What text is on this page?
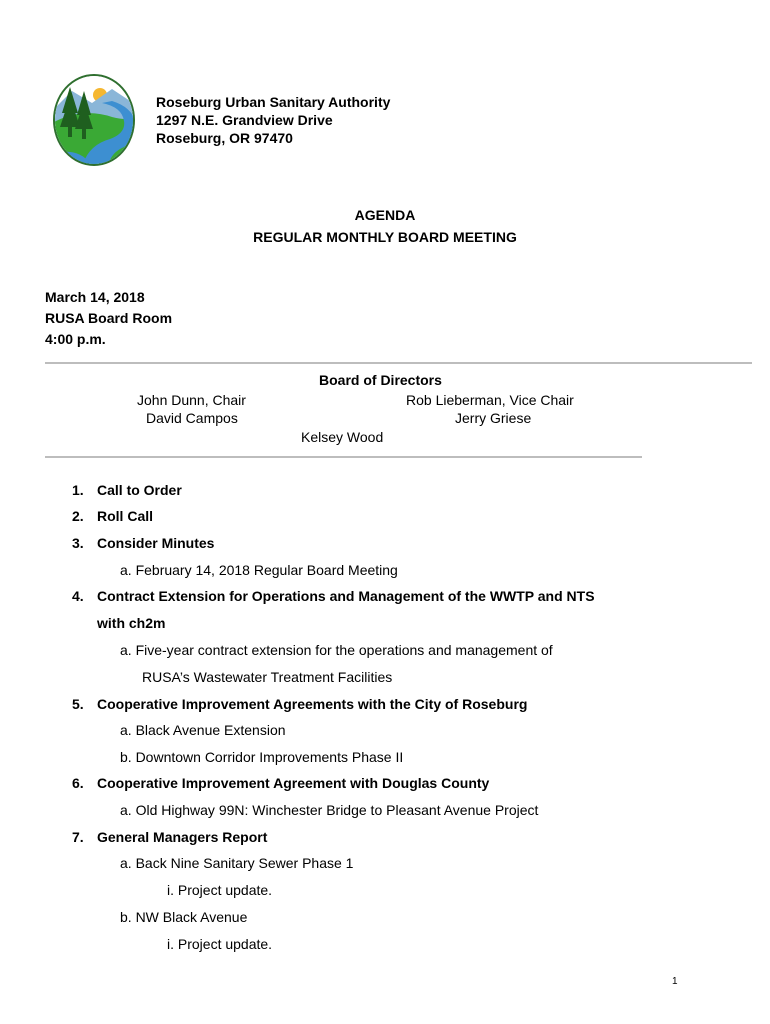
Roseburg Urban Sanitary Authority
1297 N.E. Grandview Drive
Roseburg, OR 97470
AGENDA
REGULAR MONTHLY BOARD MEETING
March 14, 2018
RUSA Board Room
4:00 p.m.
Board of Directors
John Dunn, Chair	Rob Lieberman, Vice Chair
David Campos	Jerry Griese
Kelsey Wood
1. Call to Order
2. Roll Call
3. Consider Minutes
a. February 14, 2018 Regular Board Meeting
4. Contract Extension for Operations and Management of the WWTP and NTS
with ch2m
a. Five-year contract extension for the operations and management of
RUSA’s Wastewater Treatment Facilities
5. Cooperative Improvement Agreements with the City of Roseburg
a. Black Avenue Extension
b. Downtown Corridor Improvements Phase II
6. Cooperative Improvement Agreement with Douglas County
a. Old Highway 99N: Winchester Bridge to Pleasant Avenue Project
7. General Managers Report
a. Back Nine Sanitary Sewer Phase 1
i. Project update.
b. NW Black Avenue
i. Project update.
1
